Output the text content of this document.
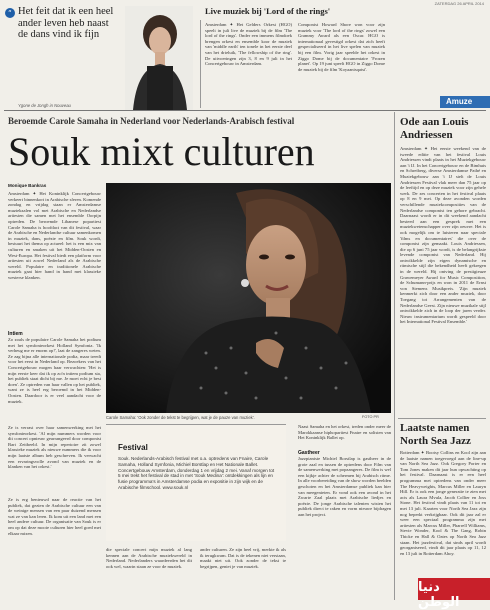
ZATERDAG 26 APRIL 2014
“ Het feit dat ik een heel ander leven heb naast de dans vind ik fijn
Ygone de Jongh in Nouveau
Live muziek bij 'Lord of the rings'
Amsterdam ✦ Het Gelders Orkest (HGO) speelt in juli live de muziek bij de film 'The lord of the rings'. Onder een immens filmdoek brengen orkest en ensemble koor de muziek van 'middle earth' ten tonele in het eerste deel van het drieluik, 'The fellowship of the ring'. De uitvoeringen zijn 3, 8 en 9 juli in het Concertgebouw in Amsterdam.
Componist Howard Shore won voor zijn muziek voor 'The lord of the rings' zowel een Grammy Award als een Oscar. HGO is internationaal gevestigd orkest dat zich heeft gespecialiseerd in het live spelen van muziek bij een film. Vorig jaar speelde het orkest in Ziggo Dome bij de documentaire 'Frozen planet'. Op 19 juni speelt HGO in Ziggo Dome de muziek bij de film 'Koyaanisqatsi'.
Amuze
Beroemde Carole Samaha in Nederland voor Nederlands-Arabisch festival
Souk mixt culturen
Monique Bankras
Amsterdam ✦ Het Koninklijk Concertgebouw verkeert binnenkort in Arabische sferen. Komende zondag en vrijdag staan er Amsterdamse muziekzalen vol met Arabische en Nederlandse artiesten die samen met het ensemble Oorpijn optreden. De beroemde Libanese popartiest Carole Samaha is hoofdact van dit festival, waar de Arabische en Nederlandse cultuur samenkomen in muziek, dans, poëzie en film. Souk wordt, bestuurt het thema op actueel: het is een mix van culturen en smaken uit het Midden-Oosten en West-Europa. Het festival biedt een platform voor artiesten uit zowel Nederland als de Arabische wereld. Populaire en traditionele Arabische muziek gaat hier hand in hand met klassieke westerse klanken.
Intiem
Zo zoals de populaire Carole Samaha het podium met het symfonieorkest Holland Symfonia. 'Ik verheug me er enorm op!', laat de zangeres weten. Ze zag bijna alle internationale podia, maar treedt voor het eerst in Nederland op. Bezoekers van het Concertgebouw mogen haar verwachten: 'Het is mijn eerste keer dat ik op zo'n intiem podium sta, het publiek staat dicht bij me. Je moet echt je best doen'. Ze optreden van haar vallen op het publiek, want ze is heel erg beroemd in het Midden-Oosten. Daardoor is er veel aandacht voor de muziek.
Ze is verrast over haar samenwerking met het symfonieorkest. 'Al mijn nummers worden voor dit concert opnieuw gearrangeerd door componist Bart Zeitbeeld. In mijn repertoire zit zowel klassieke muziek als nieuwe nummers die ik voor mijn laatste album heb geschreven. Ik verwacht een ervaringsvolle avond van muziek en de klanken van het orkest.'
Ze is erg benieuwd naar de reactie van het publiek, dat gezien de Arabische cultuur een van de weinige mensen van een paar duizend mensen wat ze van kan leren. Ik kom uit een land met een heel andere cultuur. De organisatie van Souk is er om op dat deze mooie culturen hier heel goed met elkaar mixen.
Carole Samaha: 'Ook zonder de tekst te begrijpen, wat je de pauze van muziek'.	FOTO PR
Festival
Souk. Nederlands-Arabisch festival met o.a. optredens van Fnaire, Carole Samaha, Holland Symfonia, Michiel Borstlap en Het Nationale Ballet. Concertgebouw Amsterdam, donderdag 1 en vrijdag 2 mei. Vanaf morgen tot 5 mei trekt het festival de stad in met 'Souk Medina': ontdekkingen als lijn en fusie programma's in Amsterdamse podia en expositie in zijn wijk en de Arabische filmschool. www.souk.nl
Naast Samaha en het orkest, treden onder meer de Marokkaanse hiphopartiest Fnaire en solisten van Het Koninklijk Ballet op.
Gastheer
Jazzpianiste Michiel Borstlap is gastheer in de grote zaal en tussen de optredens door Film van de samenwerking met popzangeres. De film is wel een kijkje achter de schermen bij Arabisch ritme. In alle voorbereiding van de show worden beelden geschoten en het Amsterdamse publiek kan hier van meegenieten. Er vond ook een avond in het Zwarte Zaal plaats met Arabische liedjes en poëzie. De jonge Arabische talenten wisten het publiek direct te raken en vorm nieuwe bijdragen aan het project.
die speciale concert mijn muziek al lang kennen aan de Arabische muziekwereld in Nederland. Nederlanders waardeerden het dit ook wel, waarin staan ze voor de muziek.
ander culturen. Ze zijn heel vrij, merkte ik als ik terugkwam. Dat is de tekenen niet verstaan, maakt niet uit. Ook zonder de tekst te begrijpen, geniet je van muziek.
Ode aan Louis Andriessen
Amsterdam ✦ Het eerste weekend van de tweede editie van het festival Louis Andriessen vindt plaats in het Muziekgebouw aan 't IJ. In het Concertgebouw en de Bimhuis en Schreiberg, diverse Amsterdamse Pathé en Muziekgebouw aan 't IJ stelt de Louis Andriessen Festival vlak meer dan 75 jaar op de leeftijd en op deze muziek voor zijn gehele werk. De zes concerten in het festival plaats op 8 en 9 mei. Op deze avonden worden verschillende muziekcomposities van de Nederlandse componist ten gehore gebracht. Daarnaast wordt er in dit weekend aandacht besteed aan een gesprek met een muziekwetenschapper over zijn oeuvre. Het is ook mogelijk om te luisteren naar speciale 'films en documentaires' die over de componist zijn gemaakt. Louis Andriessen, die op 6 juni 75 jaar wordt, is de belangrijkste levende componist van Nederland. Hij ontwikkelde zijn eigen dynamische en ritmische stijl die bekendheid heeft gekregen in de wereld. Hij ontving de prestigieuze Grawemeyer Award for Music Composition, de Schumann-prijs en won in 2011 de Ernst von Siemens Musikpreis. 'Zijn muziek kenmerkt zich door een ander muziek, door Toegang tot Arrangementen van de Nederlandse Geest. Zijn nieuwe muzikale stijl ontwikkelde zich in de loop der jaren verder. Nieuw instrumentarium wordt gespeeld door het International Festival Ensemble.'
Laatste namen North Sea Jazz
Rotterdam ✦ Bootsy Collins en Kool zijn aan de laatste namen toegevoegd aan de line-up van North Sea Jazz. Ook Gregory Porter en Tom Jones maken dit jaar hun opwachting op het festival. Daarnaast is er een heel programma met optredens van onder meer The Heavyweights, Marcus Miller en Lauryn Hill. Er is ook een jonge generatie te zien met acts als Laura Mvula, Jacob Collier en Joss Stone. Het festival vindt plaats van 11 tot en met 13 juli. Kaarten voor North Sea Jazz zijn nog beperkt verkrijgbaar. Ook dit jaar zal er weer een speciaal programma zijn met artiesten als Marcus Miller, Pharrell Williams, Stevie Wonder, Kool & The Gang, Robin Thicke en Hall & Oates op North Sea Jazz staan. Het jazzfestival, dat sinds april wordt georganiseerd, vindt dit jaar plaats op 11, 12 en 13 juli in Rotterdam Ahoy.
دنيا الوطن
